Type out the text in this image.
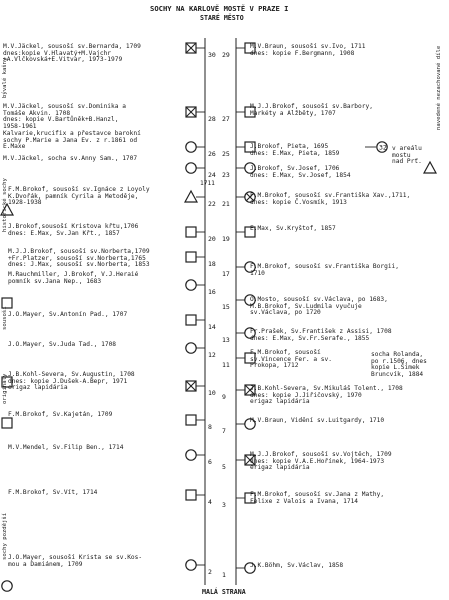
SOCHY NA KARLOVĚ MOSTĚ V PRAZE I
STARÉ MĚSTO
MALÁ STRANA
30 29
28 27
26 25
24 23
22 21
20 19
18
17
16
15
14
13
12
11
10 9
8 7
6
5
4 3
2 1
32
M.V.Jäckel, sousoší sv.Bernarda, 1709
dnes:kopie V.Hlavatý+M.Vajchr
+A.Vlčkovská+E.Vitvar, 1973-1979
M.V.Jäckel, sousoší sv.Dominika a
Tomáše Akvin. 1708
dnes: kopie V.Bartůněk+B.Hanzl,
1958-1961
Kalvarie,krucifix a přestavce barokní
sochy P.Marie a Jana Ev. z r.1861 od
E.Maxe
M.V.Jäckel, socha sv.Anny Sam., 1707
F.M.Brokof, sousoší sv.Ignáce z Loyoly
K.Dvořák, pamník Cyrila a Metoděje,
1928-1938
J.Brokof,sousoší Kristova křtu,1706
dnes: E.Max, Sv.Jan Křt., 1857
M.J.J.Brokof, sousoší sv.Norberta,1709
+Fr.Platzer, sousoší sv.Norberta,1765
dnes: J.Max, sousoší sv.Norberta, 1853
M.Rauchmiller, J.Brokof, V.J.Heraié
pomník sv.Jana Nep., 1683
J.O.Mayer, Sv.Antonín Pad., 1707
J.O.Mayer, Sv.Juda Tad., 1708
J.B.Kohl-Severa, Sv.Augustin, 1708
dnes: kopie J.Dušek-A.Bepr, 1971
erigaz lapidária
F.M.Brokof, Sv.Kajetán, 1709
M.V.Mendel, Sv.Filip Ben., 1714
F.M.Brokof, Sv.Vít, 1714
J.O.Mayer, sousoší Krista se sv.Kos-
mou a Damiánem, 1709
M.V.Braun, sousoší sv.Ivo, 1711
dnes: kopie F.Bergmann, 1908
M.J.J.Brokof, sousoší sv.Barbory,
Markéty a Alžběty, 1707
J.Brokof, Pieta, 1695
dnes: E.Max, Pieta, 1859
J.Brokof, Sv.Josef, 1706
dnes: E.Max, Sv.Josef, 1854
F.M.Brokof, sousoší sv.Františka Xav.,1711,
dnes: kopie Č.Vosmík, 1913
E.Max, Sv.Kryštof, 1857
F.M.Brokof, sousoší sv.Františka Borgii,
1710
O.Mosto, sousoší sv.Václava, po 1683,
M.B.Brokof, Sv.Ludmila vyučuje
sv.Václava, po 1720
Fr.Prašek, Sv.František z Assisi, 1708
dnes: E.Max, Sv.Fr.Serafe., 1855
F.M.Brokof, sousoší
sv.Vincence Fer. a sv.
Prokopa, 1712
J.B.Kohl-Severa, Sv.Mikuláš Tolent., 1708
dnes: kopie J.Jiřičovský, 1970
erigaz lapidária
M.V.Braun, Vidění sv.Luitgardy, 1710
M.J.J.Brokof, sousoší sv.Vojtěch, 1709
dnes: kopie V.A.E.Hořínek, 1964-1973
erigaz lapidária
F.M.Brokof, sousoší sv.Jana z Mathy,
Felixe z Valois a Ivana, 1714
J.K.Böhm, Sv.Václav, 1858
v areálu
mostu
nad Prť.
socha Rolanda,
po r.1506, dnes
kopie L.Šimek
Bruncvík, 1884
1711
bývalé kašny
historické sochy
sousoší
originály
sochy pozdější
navedené nezachované díle
